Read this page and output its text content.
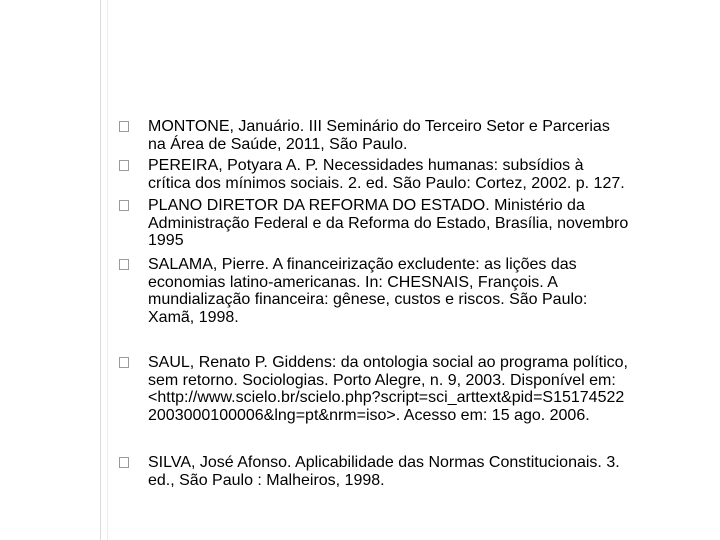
MONTONE, Januário. III Seminário do Terceiro Setor e Parcerias
na Área de Saúde, 2011, São Paulo.
PEREIRA, Potyara A. P. Necessidades humanas: subsídios à
crítica dos mínimos sociais. 2. ed. São Paulo: Cortez, 2002. p. 127.
PLANO DIRETOR DA REFORMA DO ESTADO. Ministério da
Administração Federal e da Reforma do Estado, Brasília, novembro
1995
SALAMA, Pierre. A financeirização excludente: as lições das
economias latino-americanas. In: CHESNAIS, François. A
mundialização financeira: gênese, custos e riscos. São Paulo:
Xamã, 1998.
SAUL, Renato P. Giddens: da ontologia social ao programa político,
sem retorno. Sociologias. Porto Alegre, n. 9, 2003. Disponível em:
<http://www.scielo.br/scielo.php?script=sci_arttext&pid=S15174522
2003000100006&lng=pt&nrm=iso>. Acesso em: 15 ago. 2006.
SILVA, José Afonso. Aplicabilidade das Normas Constitucionais. 3.
ed., São Paulo : Malheiros, 1998.
